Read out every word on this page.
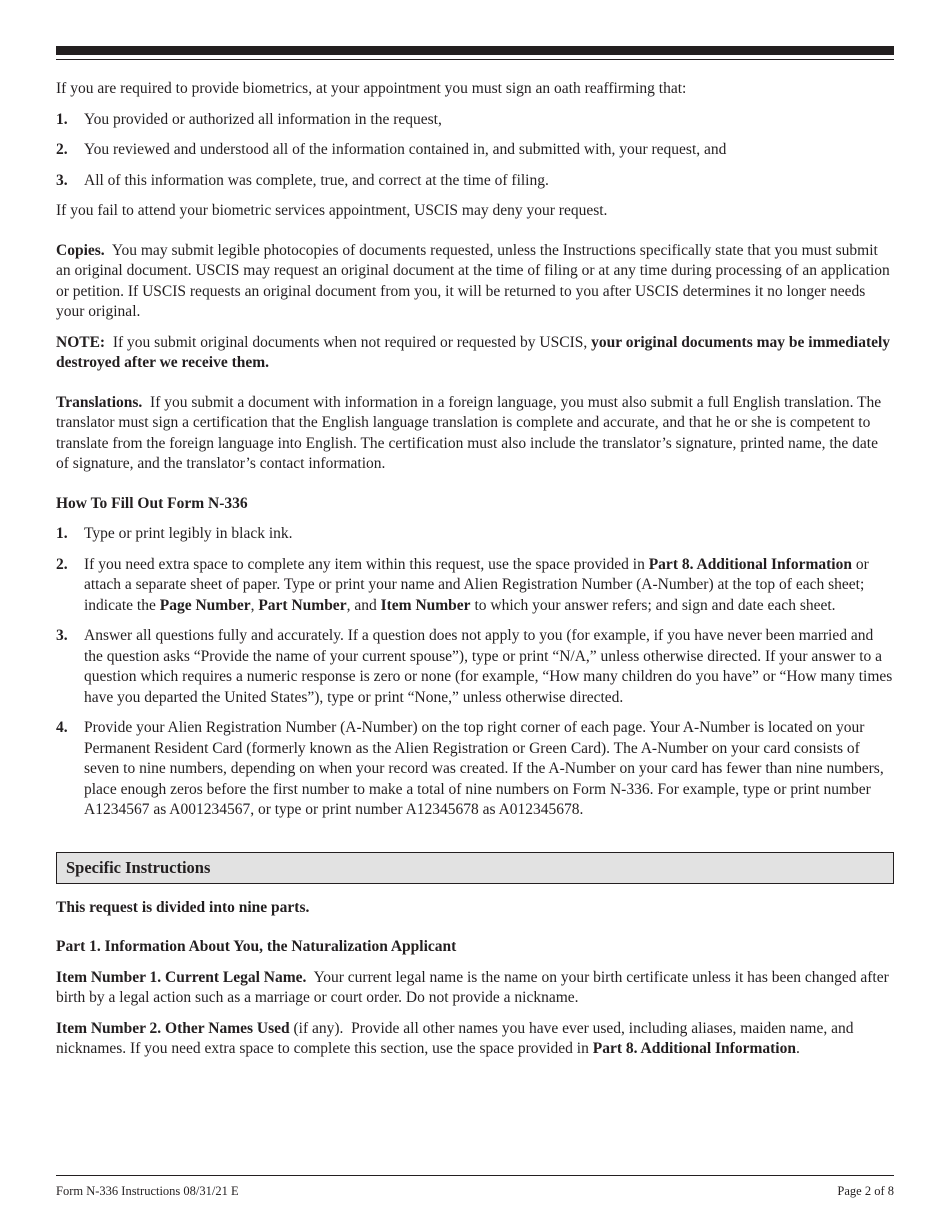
If you are required to provide biometrics, at your appointment you must sign an oath reaffirming that:

1. You provided or authorized all information in the request,
2. You reviewed and understood all of the information contained in, and submitted with, your request, and
3. All of this information was complete, true, and correct at the time of filing.

If you fail to attend your biometric services appointment, USCIS may deny your request.

Copies. You may submit legible photocopies of documents requested, unless the Instructions specifically state that you must submit an original document. USCIS may request an original document at the time of filing or at any time during processing of an application or petition. If USCIS requests an original document from you, it will be returned to you after USCIS determines it no longer needs your original.

NOTE: If you submit original documents when not required or requested by USCIS, your original documents may be immediately destroyed after we receive them.

Translations. If you submit a document with information in a foreign language, you must also submit a full English translation. The translator must sign a certification that the English language translation is complete and accurate, and that he or she is competent to translate from the foreign language into English. The certification must also include the translator’s signature, printed name, the date of signature, and the translator’s contact information.

How To Fill Out Form N-336

1. Type or print legibly in black ink.
2. If you need extra space to complete any item within this request, use the space provided in Part 8. Additional Information or attach a separate sheet of paper. Type or print your name and Alien Registration Number (A-Number) at the top of each sheet; indicate the Page Number, Part Number, and Item Number to which your answer refers; and sign and date each sheet.
3. Answer all questions fully and accurately. If a question does not apply to you (for example, if you have never been married and the question asks “Provide the name of your current spouse”), type or print “N/A,” unless otherwise directed. If your answer to a question which requires a numeric response is zero or none (for example, “How many children do you have” or “How many times have you departed the United States”), type or print “None,” unless otherwise directed.
4. Provide your Alien Registration Number (A-Number) on the top right corner of each page. Your A-Number is located on your Permanent Resident Card (formerly known as the Alien Registration or Green Card). The A-Number on your card consists of seven to nine numbers, depending on when your record was created. If the A-Number on your card has fewer than nine numbers, place enough zeros before the first number to make a total of nine numbers on Form N-336. For example, type or print number A1234567 as A001234567, or type or print number A12345678 as A012345678.
Specific Instructions

This request is divided into nine parts.

Part 1. Information About You, the Naturalization Applicant

Item Number 1. Current Legal Name. Your current legal name is the name on your birth certificate unless it has been changed after birth by a legal action such as a marriage or court order. Do not provide a nickname.

Item Number 2. Other Names Used (if any). Provide all other names you have ever used, including aliases, maiden name, and nicknames. If you need extra space to complete this section, use the space provided in Part 8. Additional Information.

Form N-336 Instructions 08/31/21 E	Page 2 of 8
